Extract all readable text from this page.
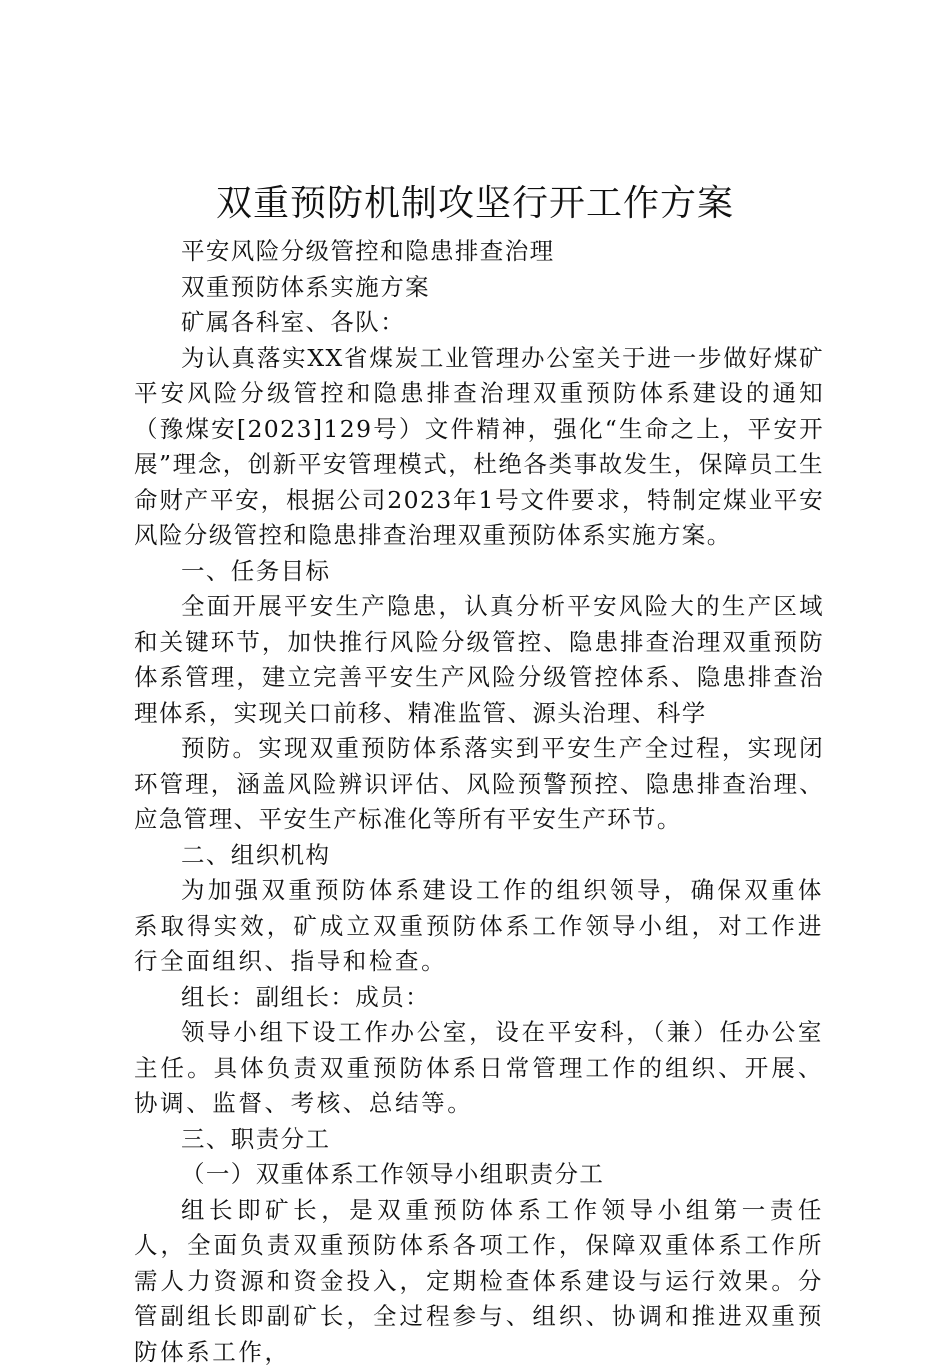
双重预防机制攻坚行开工作方案

平安风险分级管控和隐患排查治理

双重预防体系实施方案

矿属各科室、各队：

为认真落实XX省煤炭工业管理办公室关于进一步做好煤矿平安风险分级管控和隐患排查治理双重预防体系建设的通知（豫煤安[2023]129号）文件精神，强化“生命之上，平安开展”理念，创新平安管理模式，杜绝各类事故发生，保障员工生命财产平安，根据公司2023年1号文件要求，特制定煤业平安风险分级管控和隐患排查治理双重预防体系实施方案。

一、任务目标

全面开展平安生产隐患，认真分析平安风险大的生产区域和关键环节，加快推行风险分级管控、隐患排查治理双重预防体系管理，建立完善平安生产风险分级管控体系、隐患排查治理体系，实现关口前移、精准监管、源头治理、科学

预防。实现双重预防体系落实到平安生产全过程，实现闭环管理，涵盖风险辨识评估、风险预警预控、隐患排查治理、应急管理、平安生产标准化等所有平安生产环节。

二、组织机构

为加强双重预防体系建设工作的组织领导，确保双重体系取得实效，矿成立双重预防体系工作领导小组，对工作进行全面组织、指导和检查。

组长：副组长：成员：

领导小组下设工作办公室，设在平安科，（兼）任办公室主任。具体负责双重预防体系日常管理工作的组织、开展、协调、监督、考核、总结等。

三、职责分工

（一）双重体系工作领导小组职责分工

组长即矿长，是双重预防体系工作领导小组第一责任人，全面负责双重预防体系各项工作，保障双重体系工作所需人力资源和资金投入，定期检查体系建设与运行效果。分管副组长即副矿长，全过程参与、组织、协调和推进双重预防体系工作，
